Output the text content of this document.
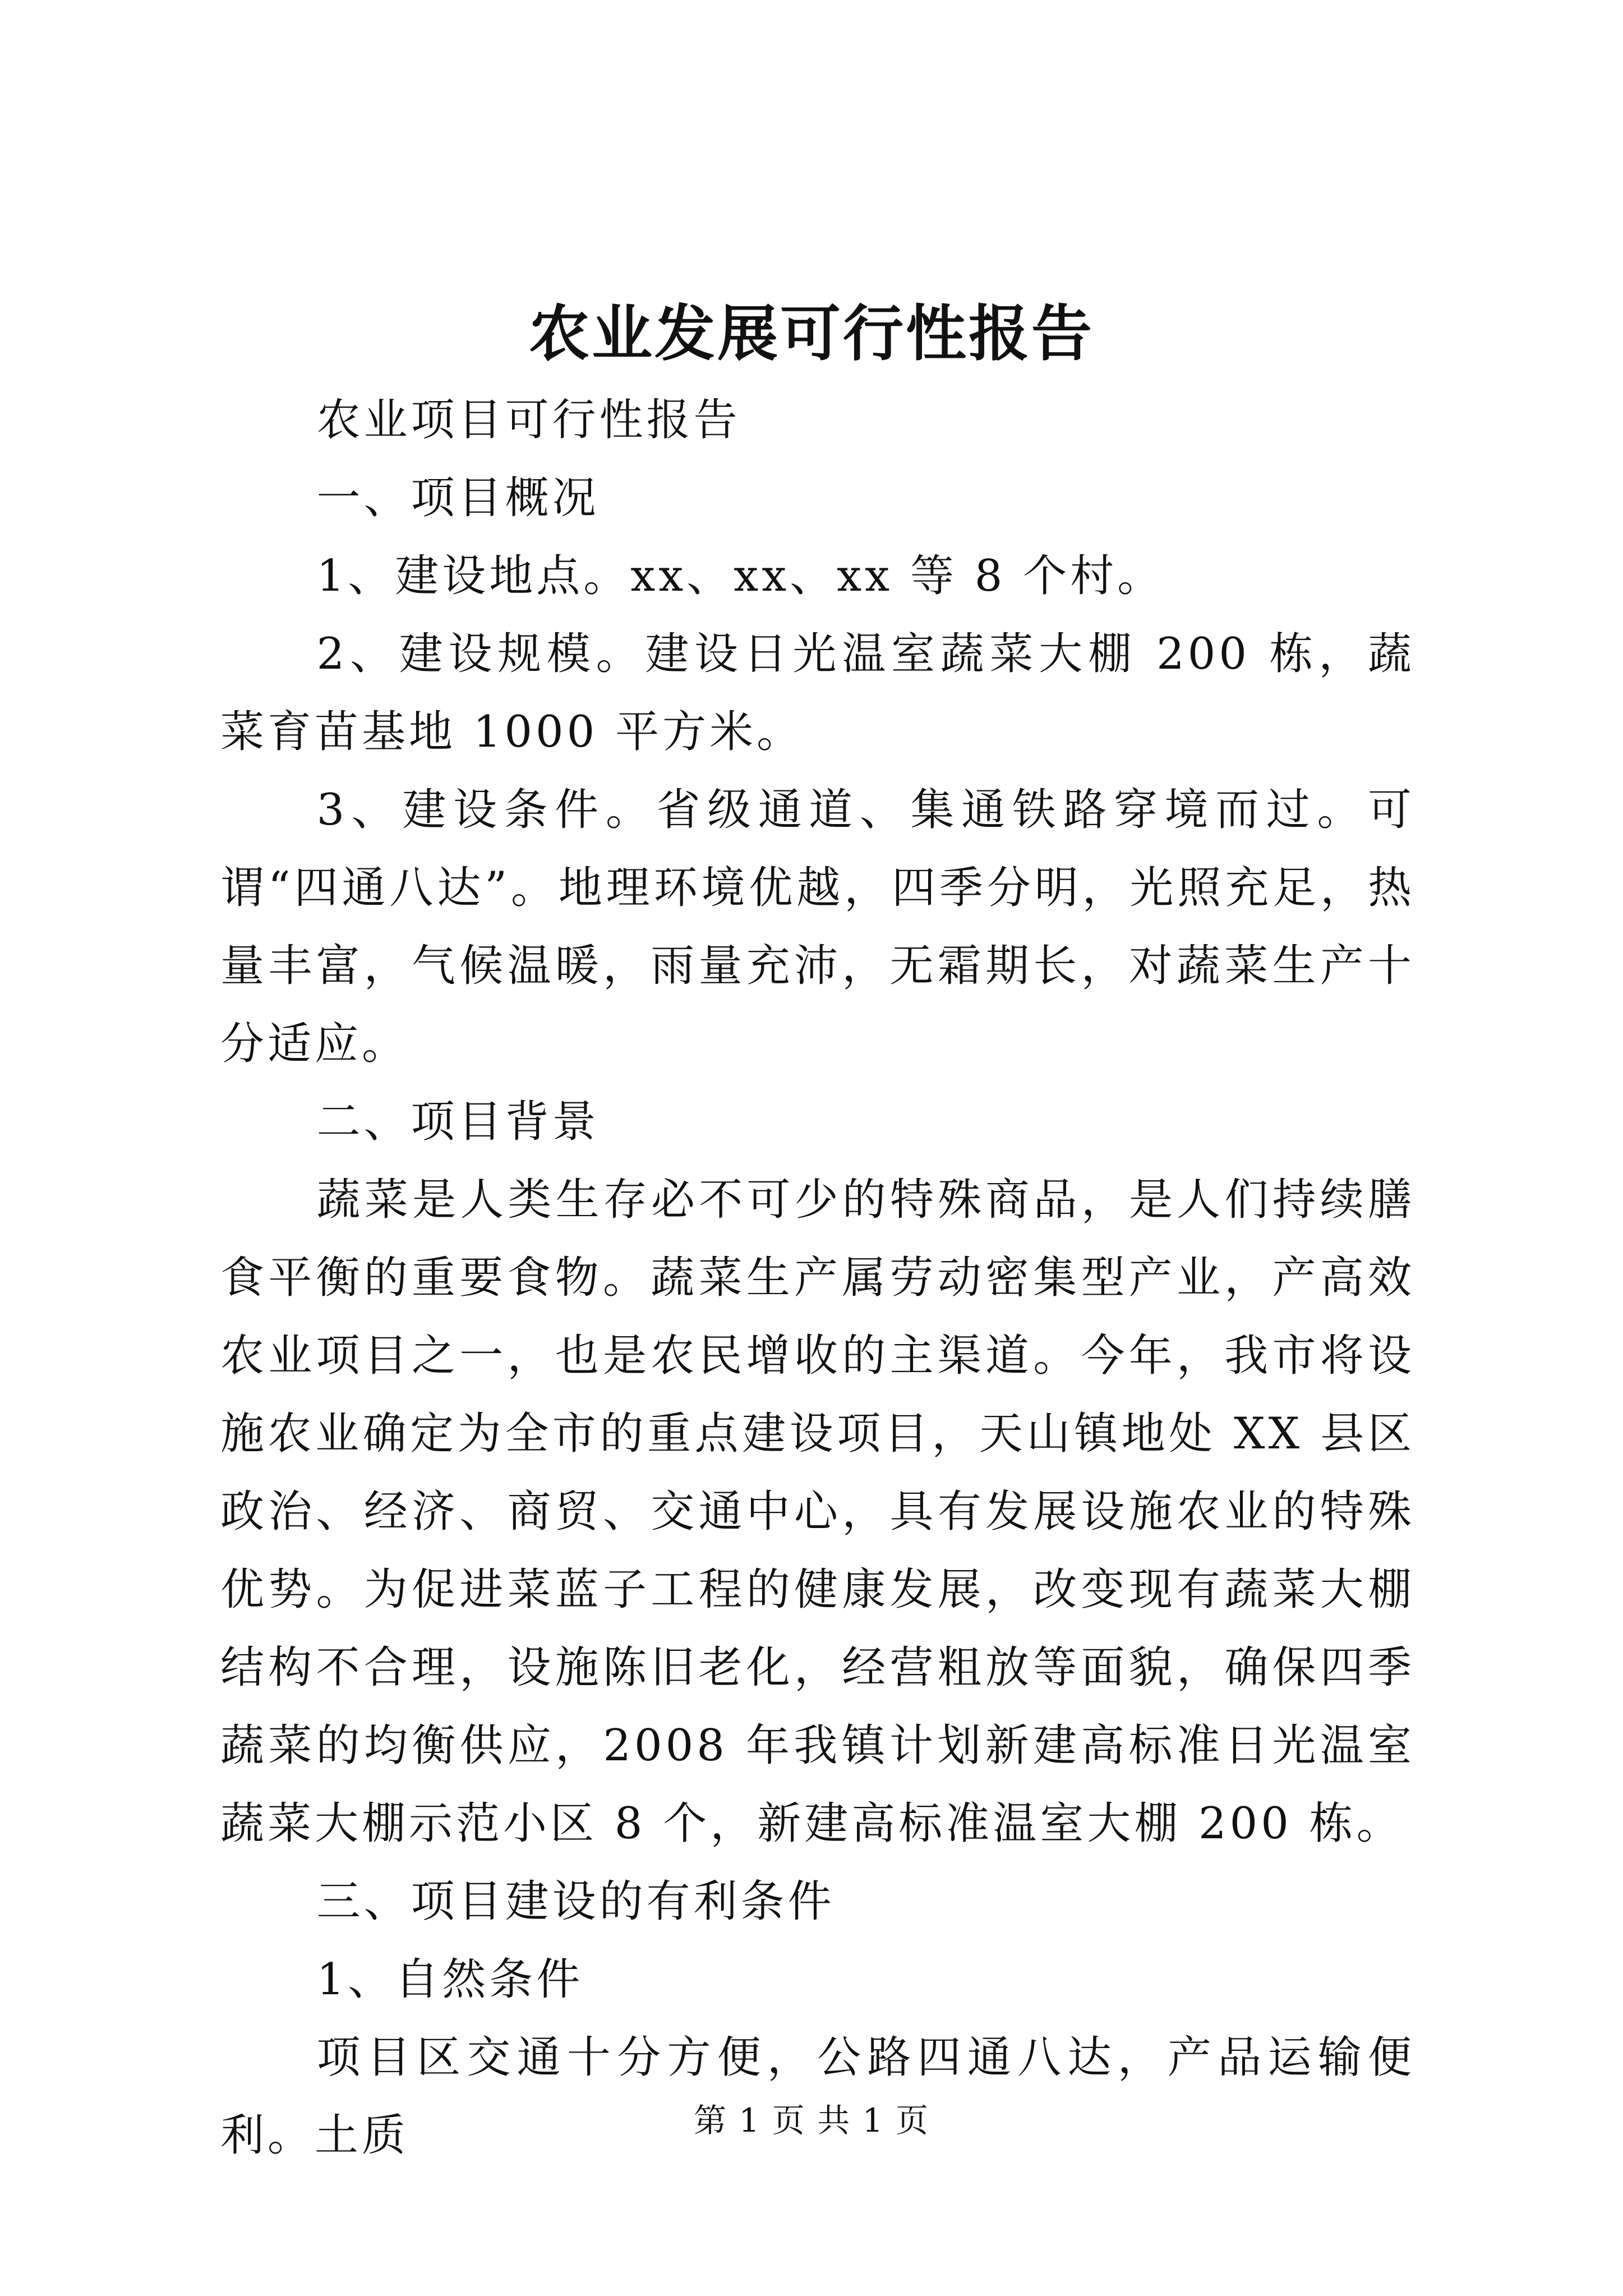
农业发展可行性报告

农业项目可行性报告

一、项目概况

1、建设地点。xx、xx、xx 等 8 个村。

2、建设规模。建设日光温室蔬菜大棚 200 栋，蔬菜育苗基地 1000 平方米。

3、建设条件。省级通道、集通铁路穿境而过。可谓“四通八达”。地理环境优越，四季分明，光照充足，热量丰富，气候温暖，雨量充沛，无霜期长，对蔬菜生产十分适应。

二、项目背景

蔬菜是人类生存必不可少的特殊商品，是人们持续膳食平衡的重要食物。蔬菜生产属劳动密集型产业，产高效农业项目之一，也是农民增收的主渠道。今年，我市将设施农业确定为全市的重点建设项目，天山镇地处 XX 县区政治、经济、商贸、交通中心，具有发展设施农业的特殊优势。为促进菜蓝子工程的健康发展，改变现有蔬菜大棚结构不合理，设施陈旧老化，经营粗放等面貌，确保四季蔬菜的均衡供应，2008 年我镇计划新建高标准日光温室蔬菜大棚示范小区 8 个，新建高标准温室大棚 200 栋。

三、项目建设的有利条件

1、自然条件

项目区交通十分方便，公路四通八达，产品运输便利。土质	第 1 页 共 1 页
